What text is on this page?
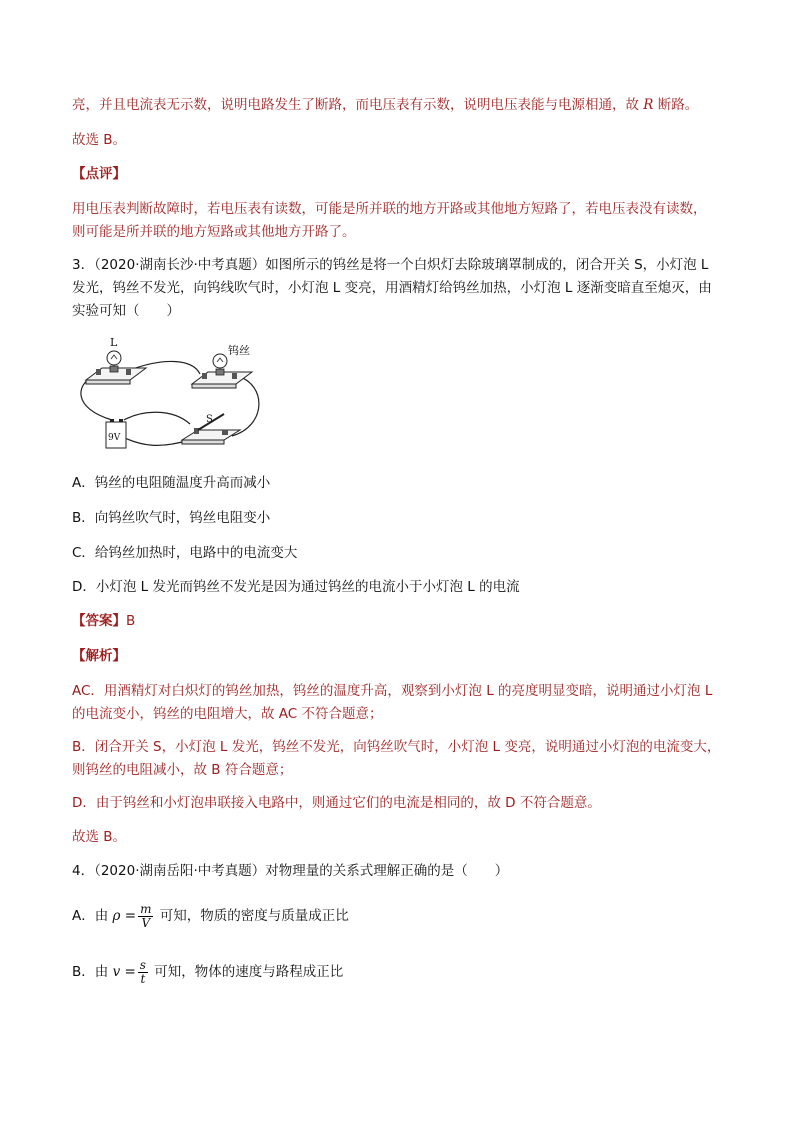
亮，并且电流表无示数，说明电路发生了断路，而电压表有示数，说明电压表能与电源相通，故 R 断路。
故选 B。
【点评】
用电压表判断故障时，若电压表有读数，可能是所并联的地方开路或其他地方短路了，若电压表没有读数，
则可能是所并联的地方短路或其他地方开路了。
3．（2020·湖南长沙·中考真题）如图所示的钨丝是将一个白炽灯去除玻璃罩制成的，闭合开关 S，小灯泡 L
发光，钨丝不发光，向钨线吹气时，小灯泡 L 变亮，用酒精灯给钨丝加热，小灯泡 L 逐渐变暗直至熄灭，由
实验可知（　　）
L
钨丝
9V
S
A．钨丝的电阻随温度升高而减小
B．向钨丝吹气时，钨丝电阻变小
C．给钨丝加热时，电路中的电流变大
D．小灯泡 L 发光而钨丝不发光是因为通过钨丝的电流小于小灯泡 L 的电流
【答案】B
【解析】
AC．用酒精灯对白炽灯的钨丝加热，钨丝的温度升高，观察到小灯泡 L 的亮度明显变暗，说明通过小灯泡 L
的电流变小，钨丝的电阻增大，故 AC 不符合题意；
B．闭合开关 S，小灯泡 L 发光，钨丝不发光，向钨丝吹气时，小灯泡 L 变亮，说明通过小灯泡的电流变大，
则钨丝的电阻减小，故 B 符合题意；
D．由于钨丝和小灯泡串联接入电路中，则通过它们的电流是相同的，故 D 不符合题意。
故选 B。
4．（2020·湖南岳阳·中考真题）对物理量的关系式理解正确的是（　　）
A．由 $\rho = \frac{m}{V}$ 可知，物质的密度与质量成正比
B．由 $v = \frac{s}{t}$ 可知，物体的速度与路程成正比
